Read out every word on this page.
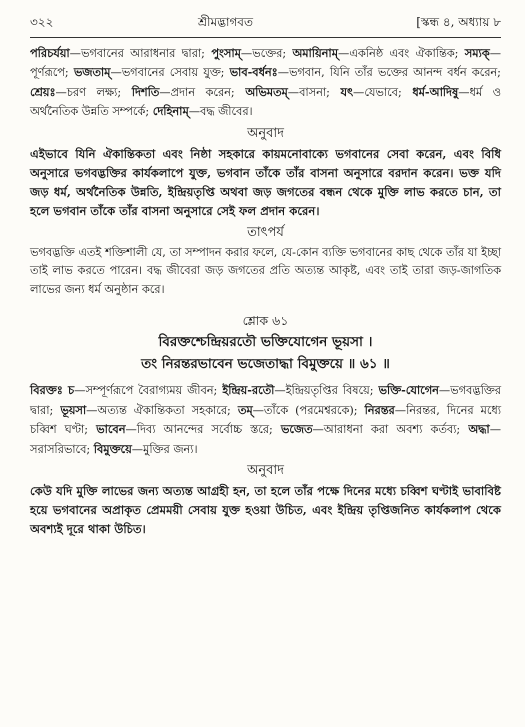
৩২২	শ্রীমদ্ভাগবত	[স্কন্ধ ৪, অধ্যায় ৮

পরিচর্যয়া—ভগবানের আরাধনার দ্বারা; পুংসাম্—ভক্তের; অমায়িনাম্—একনিষ্ঠ এবং ঐকান্তিক; সম্যক্—পূর্ণরূপে; ভজতাম্—ভগবানের সেবায় যুক্ত; ভাব-বর্ধনঃ—ভগবান, যিনি তাঁর ভক্তের আনন্দ বর্ধন করেন; শ্রেয়ঃ—চরণ লক্ষ্য; দিশতি—প্রদান করেন; অভিমতম্—বাসনা; যৎ—যেভাবে; ধর্ম-আদিষু—ধর্ম ও অর্থনৈতিক উন্নতি সম্পর্কে; দেহিনাম্—বদ্ধ জীবের।

অনুবাদ

এইভাবে যিনি ঐকান্তিকতা এবং নিষ্ঠা সহকারে কায়মনোবাক্যে ভগবানের সেবা করেন, এবং বিধি অনুসারে ভগবদ্ভক্তির কার্যকলাপে যুক্ত, ভগবান তাঁকে তাঁর বাসনা অনুসারে বরদান করেন। ভক্ত যদি জড় ধর্ম, অর্থনৈতিক উন্নতি, ইন্দ্রিয়তৃপ্তি অথবা জড় জগতের বন্ধন থেকে মুক্তি লাভ করতে চান, তা হলে ভগবান তাঁকে তাঁর বাসনা অনুসারে সেই ফল প্রদান করেন।

তাৎপর্য

ভগবদ্ভক্তি এতই শক্তিশালী যে, তা সম্পাদন করার ফলে, যে-কোন ব্যক্তি ভগবানের কাছ থেকে তাঁর যা ইচ্ছা তাই লাভ করতে পারেন। বদ্ধ জীবেরা জড় জগতের প্রতি অত্যন্ত আকৃষ্ট, এবং তাই তারা জড়-জাগতিক লাভের জন্য ধর্ম অনুষ্ঠান করে।

শ্লোক ৬১
বিরক্তশ্চেন্দ্রিয়রতৌ ভক্তিযোগেন ভূয়সা ।
তং নিরন্তরভাবেন ভজেতাদ্ধা বিমুক্তয়ে ॥ ৬১ ॥

বিরক্তঃ চ—সম্পূর্ণরূপে বৈরাগ্যময় জীবন; ইন্দ্রিয়-রতৌ—ইন্দ্রিয়তৃপ্তির বিষয়ে; ভক্তি-যোগেন—ভগবদ্ভক্তির দ্বারা; ভূয়সা—অত্যন্ত ঐকান্তিকতা সহকারে; তম্—তাঁকে (পরমেশ্বরকে); নিরন্তর—নিরন্তর, দিনের মধ্যে চব্বিশ ঘণ্টা; ভাবেন—দিব্য আনন্দের সর্বোচ্চ স্তরে; ভজেত—আরাধনা করা অবশ্য কর্তব্য; অদ্ধা—সরাসরিভাবে; বিমুক্তয়ে—মুক্তির জন্য।

অনুবাদ

কেউ যদি মুক্তি লাভের জন্য অত্যন্ত আগ্রহী হন, তা হলে তাঁর পক্ষে দিনের মধ্যে চব্বিশ ঘণ্টাই ভাবাবিষ্ট হয়ে ভগবানের অপ্রাকৃত প্রেমময়ী সেবায় যুক্ত হওয়া উচিত, এবং ইন্দ্রিয় তৃপ্তিজনিত কার্যকলাপ থেকে অবশ্যই দূরে থাকা উচিত।
